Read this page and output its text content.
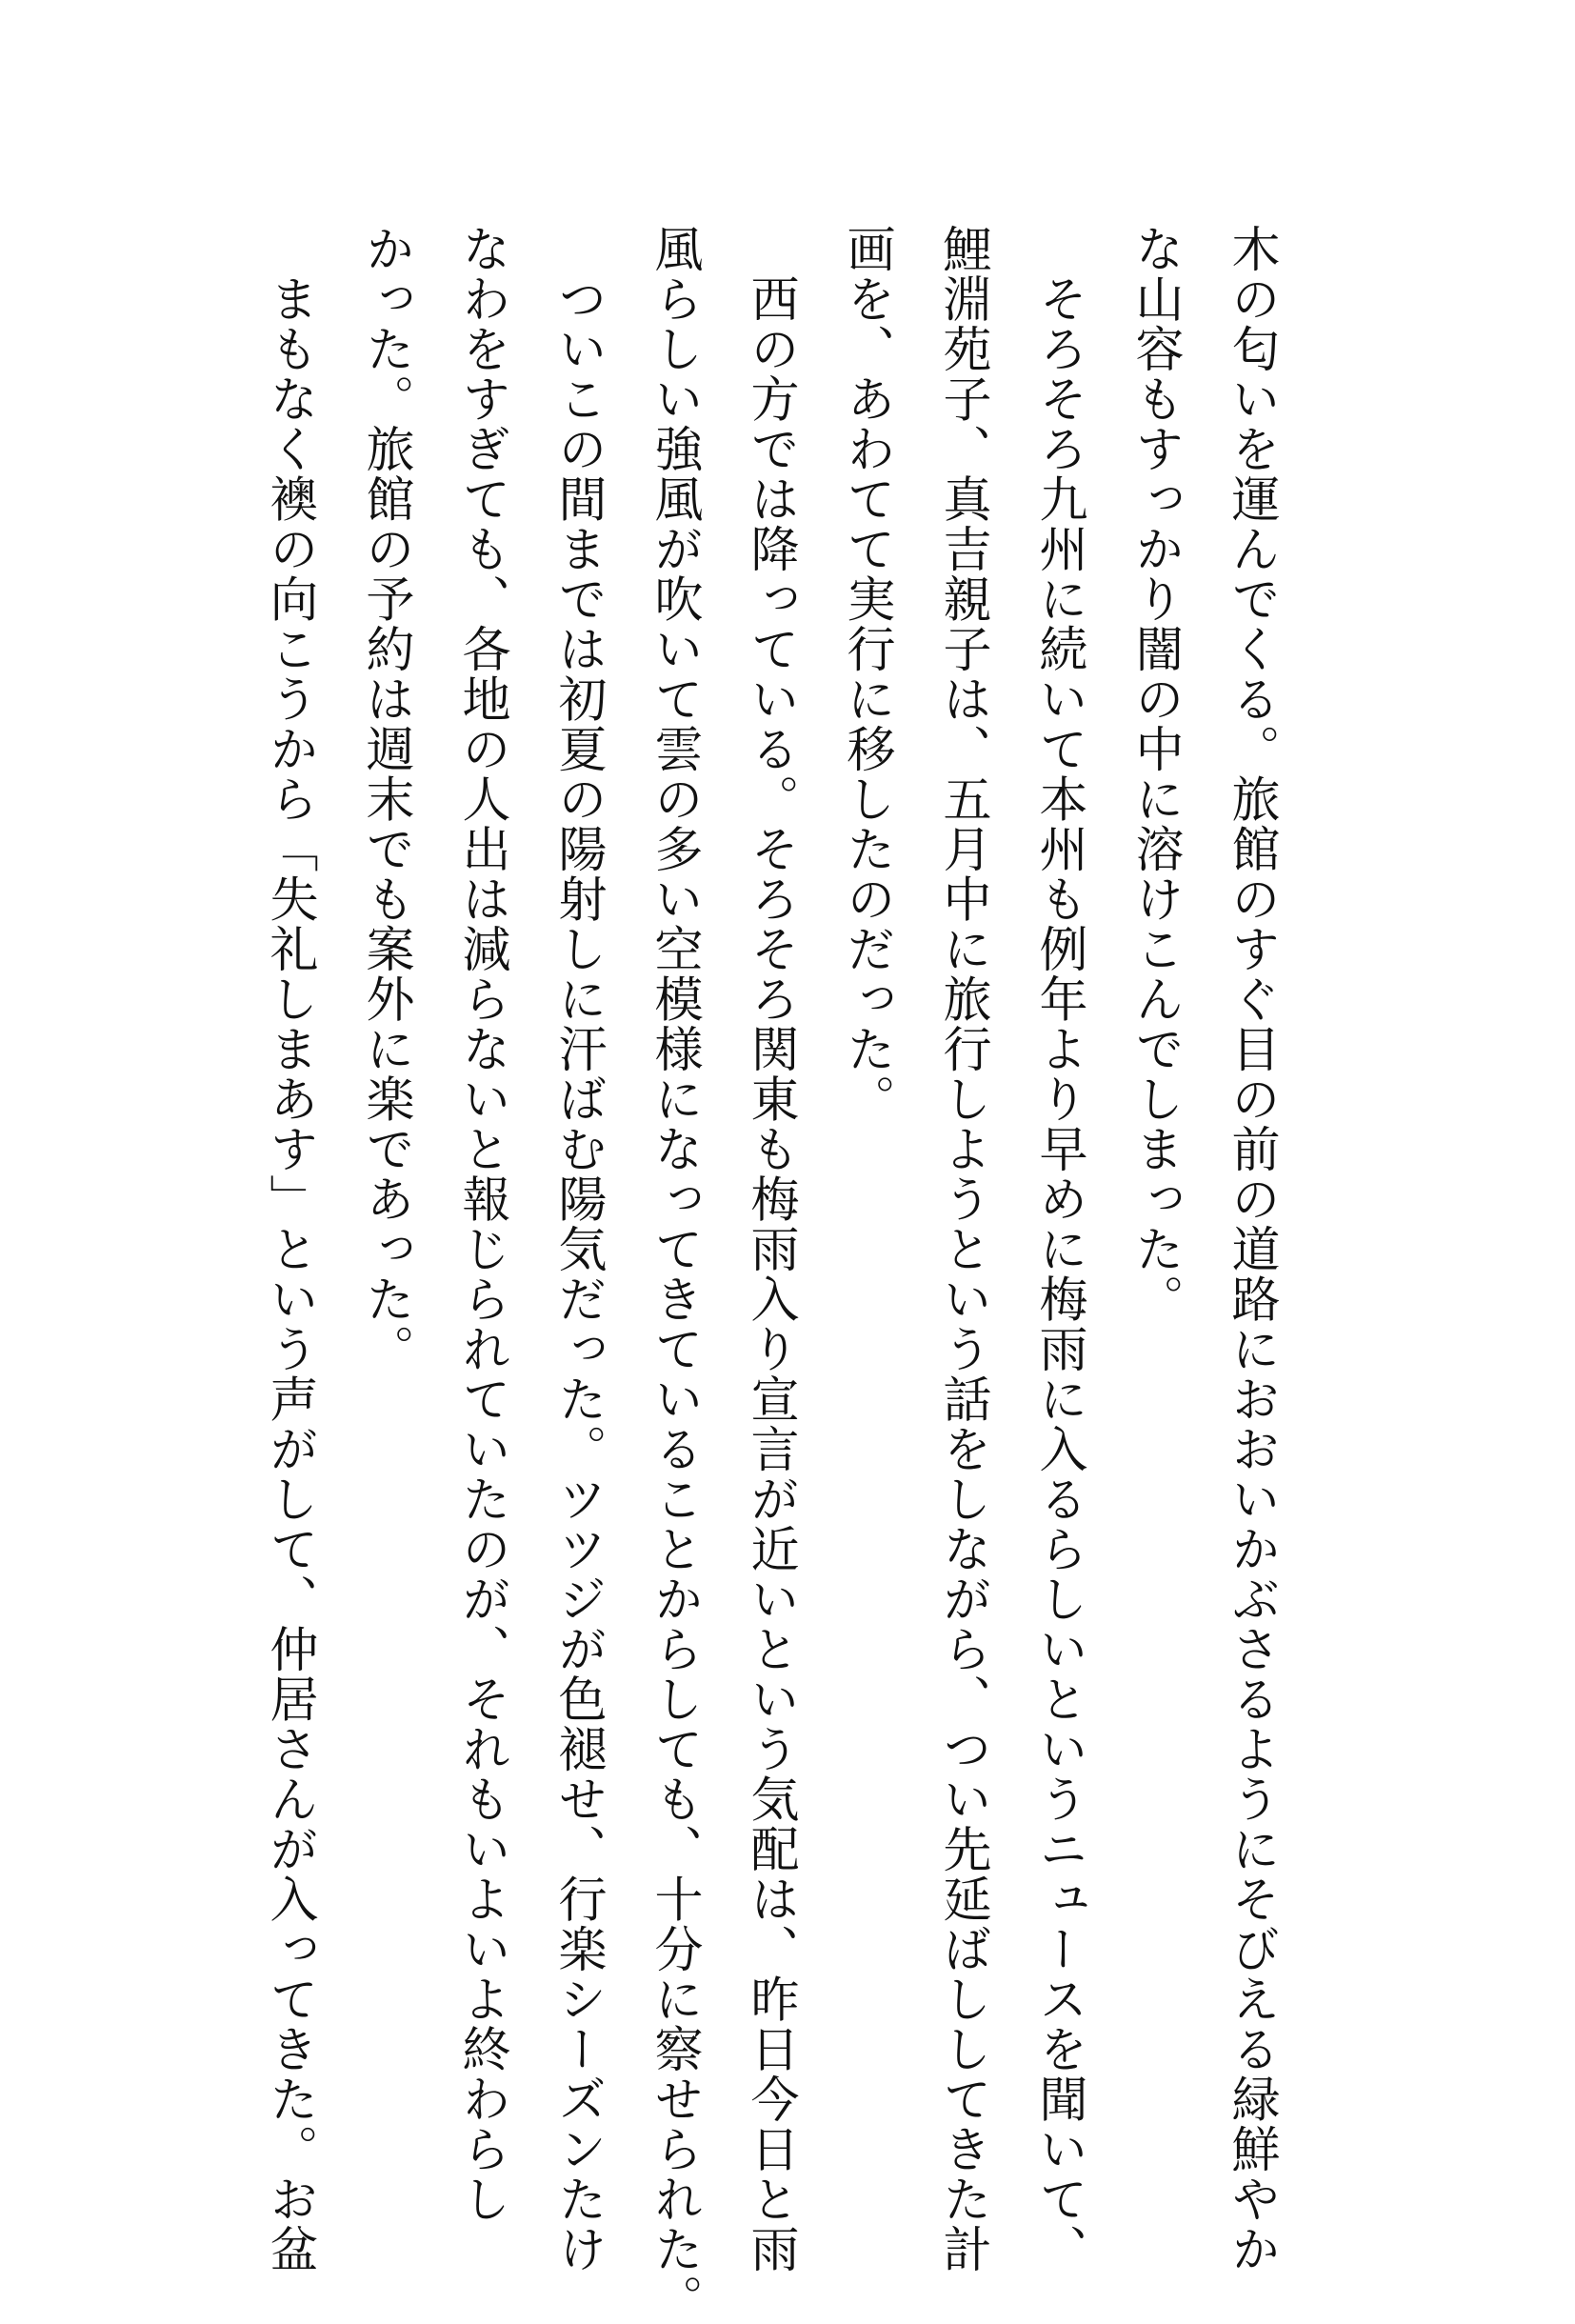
木の匂いを運んでくる。旅館のすぐ目の前の道路におおいかぶさるようにそびえる緑鮮やか
な山容もすっかり闇の中に溶けこんでしまった。
　そろそろ九州に続いて本州も例年より早めに梅雨に入るらしいというニュースを聞いて、
鯉淵苑子、真吉親子は、五月中に旅行しようという話をしながら、つい先延ばししてきた計
画を、あわてて実行に移したのだった。
　西の方では降っている。そろそろ関東も梅雨入り宣言が近いという気配は、昨日今日と雨
風らしい強風が吹いて雲の多い空模様になってきていることからしても、十分に察せられた。
　ついこの間までは初夏の陽射しに汗ばむ陽気だった。ツツジが色褪せ、行楽シーズンたけ
なわをすぎても、各地の人出は減らないと報じられていたのが、それもいよいよ終わらし
かった。旅館の予約は週末でも案外に楽であった。
　まもなく襖の向こうから「失礼しまあす」という声がして、仲居さんが入ってきた。お盆
